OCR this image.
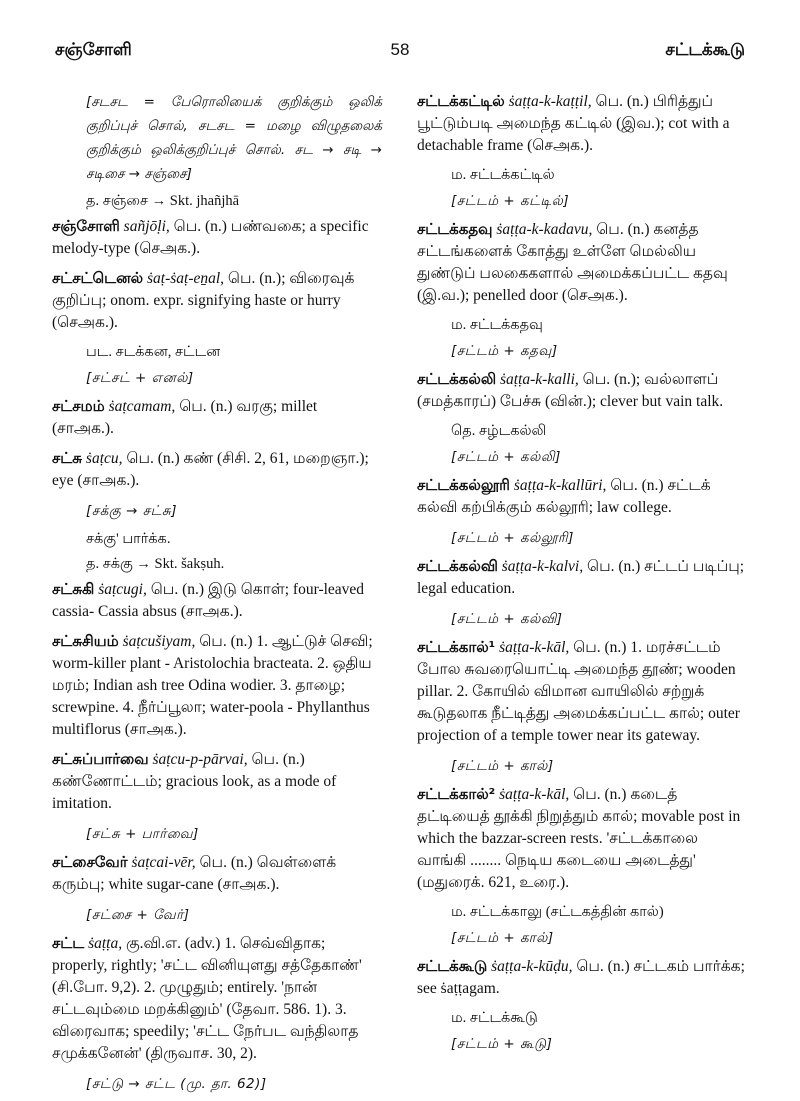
சஞ்சோளி	58	சட்டக்கூடு
[சடசட = பேரொலியைக் குறிக்கும் ஒலிக் குறிப்புச் சொல், சடசட = மழை விழுதலைக் குறிக்கும் ஒலிக்குறிப்புச் சொல். சட → சடி → சடிசை → சஞ்சை]
த. சஞ்சை → Skt. jhañjhā
சஞ்சோளி sañjōḷi, பெ. (n.) பண்வகை; a specific melody-type (செஅக.).
சட்சட்டெனல் ṡaṭ-ṡaṭ-eṉal, பெ. (n.); விரைவுக் குறிப்பு; onom. expr. signifying haste or hurry (செஅக.).
பட. சடக்கன, சட்டன
[சட்சட் + எனல்]
சட்சமம் ṡaṭcamam, பெ. (n.) வரகு; millet (சாஅக.).
சட்சு ṡaṭcu, பெ. (n.) கண் (சிசி. 2, 61, மறைஞா.); eye (சாஅக.).
[சக்கு → சட்சு]
சக்கு' பார்க்க.
த. சக்கு → Skt. šakṣuh.
சட்சுகி ṡaṭcugi, பெ. (n.) இடு கொள்; four-leaved cassia- Cassia absus (சாஅக.).
சட்சுசியம் ṡaṭcušiyam, பெ. (n.) 1. ஆட்டுச் செவி; worm-killer plant - Aristolochia bracteata. 2. ஒதிய மரம்; Indian ash tree Odina wodier. 3. தாழை; screwpine. 4. நீர்ப்பூலா; water-poola - Phyllanthus multiflorus (சாஅக.).
சட்சுப்பார்வை ṡaṭcu-p-pārvai, பெ. (n.) கண்ணோட்டம்; gracious look, as a mode of imitation.
[சட்சு + பார்வை]
சட்சைவேர் ṡaṭcai-vēr, பெ. (n.) வெள்ளைக் கரும்பு; white sugar-cane (சாஅக.).
[சட்சை + வேர்]
சட்ட ṡaṭṭa, கு.வி.எ. (adv.) 1. செவ்விதாக; properly, rightly; 'சட்ட வினியுளது சத்தேகாண்' (சி.போ. 9,2). 2. முழுதும்; entirely. 'நான் சட்டவும்மை மறக்கினும்' (தேவா. 586. 1). 3. விரைவாக; speedily; 'சட்ட நேர்பட வந்திலாத சமுக்கனேன்' (திருவாச. 30, 2).
[சட்டு → சட்ட (மு. தா. 62)]
சட்டக்கட்டில் ṡaṭṭa-k-kaṭṭil, பெ. (n.) பிரித்துப் பூட்டும்படி அமைந்த கட்டில் (இவ.); cot with a detachable frame (செஅக.).
ம. சட்டக்கட்டில்
[சட்டம் + கட்டில்]
சட்டக்கதவு ṡaṭṭa-k-kadavu, பெ. (n.) கனத்த சட்டங்களைக் கோத்து உள்ளே மெல்லிய துண்டுப் பலகைகளால் அமைக்கப்பட்ட கதவு (இ.வ.); penelled door (செஅக.).
ம. சட்டக்கதவு
[சட்டம் + கதவு]
சட்டக்கல்லி ṡaṭṭa-k-kalli, பெ. (n.); வல்லாளப் (சமத்காரப்) பேச்சு (வின்.); clever but vain talk.
தெ. சழ்டகல்லி
[சட்டம் + கல்லி]
சட்டக்கல்லூரி ṡaṭṭa-k-kallūri, பெ. (n.) சட்டக் கல்வி கற்பிக்கும் கல்லூரி; law college.
[சட்டம் + கல்லூரி]
சட்டக்கல்வி ṡaṭṭa-k-kalvi, பெ. (n.) சட்டப் படிப்பு; legal education.
[சட்டம் + கல்வி]
சட்டக்கால்¹ ṡaṭṭa-k-kāl, பெ. (n.) 1. மரச்சட்டம் போல சுவரையொட்டி அமைந்த தூண்; wooden pillar. 2. கோயில் விமான வாயிலில் சற்றுக் கூடுதலாக நீட்டித்து அமைக்கப்பட்ட கால்; outer projection of a temple tower near its gateway.
[சட்டம் + கால்]
சட்டக்கால்² ṡaṭṭa-k-kāl, பெ. (n.) கடைத் தட்டியைத் தூக்கி நிறுத்தும் கால்; movable post in which the bazzar-screen rests. 'சட்டக்காலை வாங்கி ........ நெடிய கடையை அடைத்து' (மதுரைக். 621, உரை.).
ம. சட்டக்காலு (சட்டகத்தின் கால்)
[சட்டம் + கால்]
சட்டக்கூடு ṡaṭṭa-k-kūḍu, பெ. (n.) சட்டகம் பார்க்க; see ṡaṭṭagam.
ம. சட்டக்கூடு
[சட்டம் + கூடு]
